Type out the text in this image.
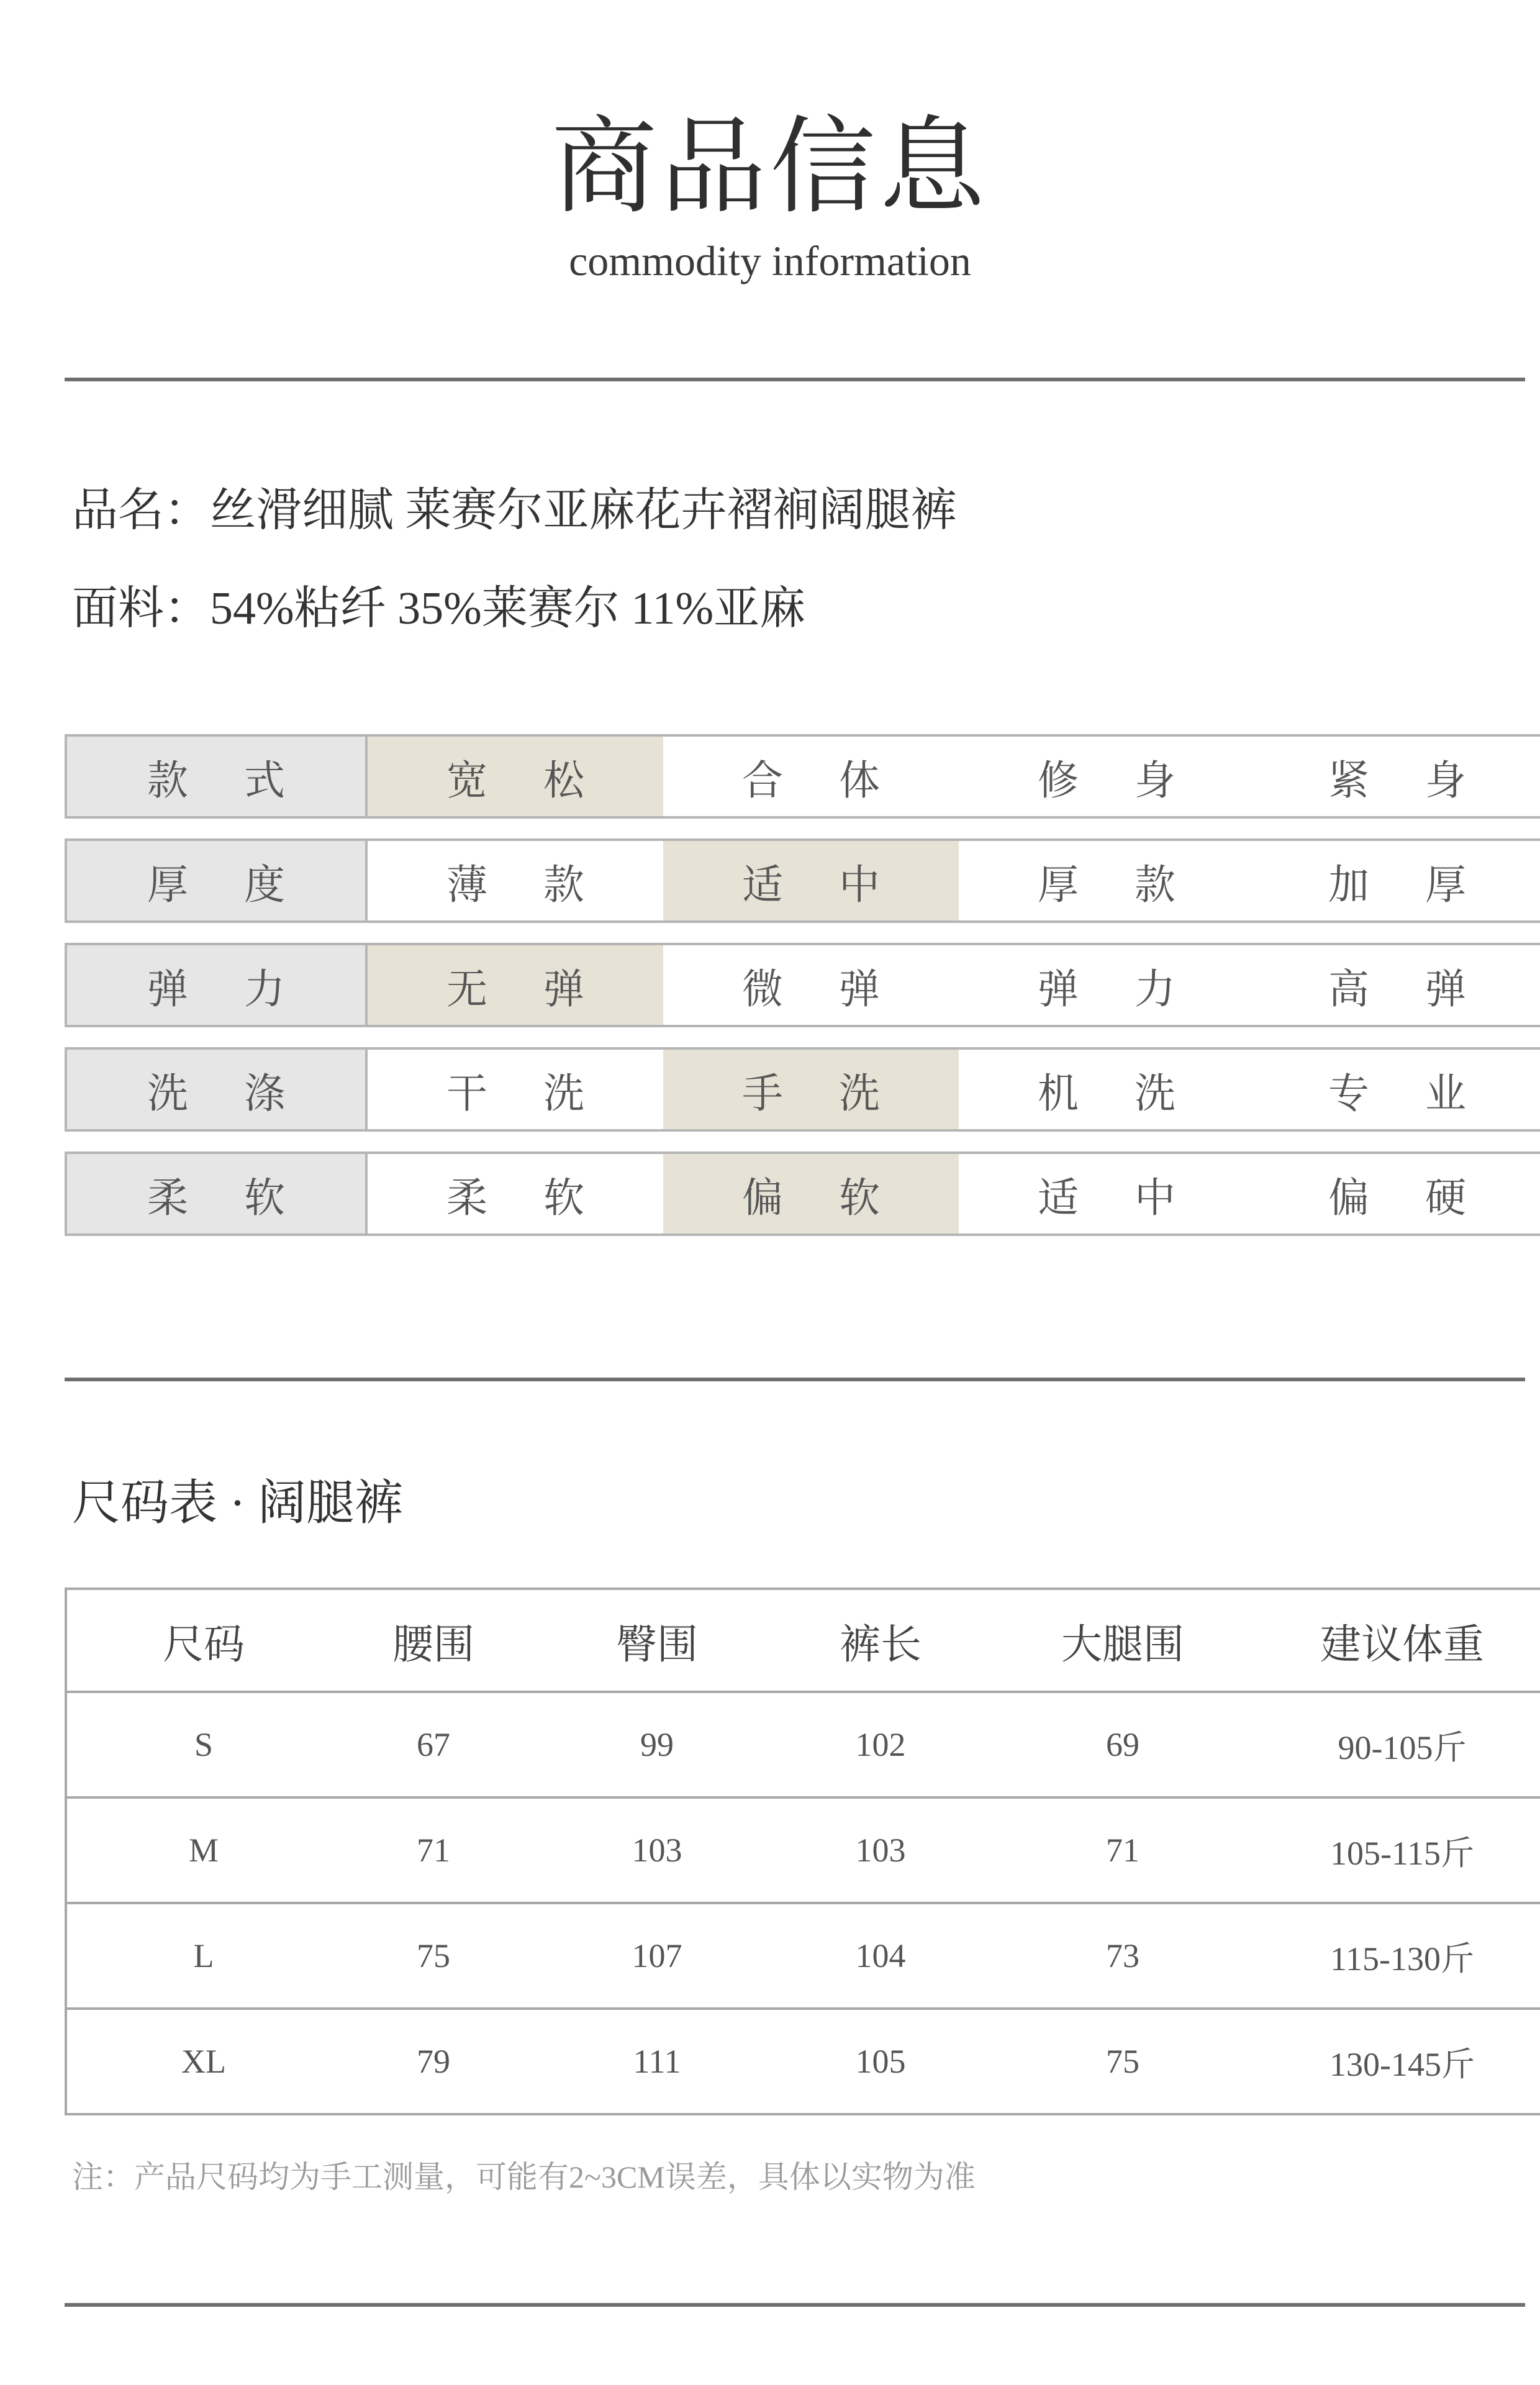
商品信息
commodity information
品名：丝滑细腻 莱赛尔亚麻花卉褶裥阔腿裤
面料：54%粘纤 35%莱赛尔 11%亚麻
款式	宽松	合体	修身	紧身
厚度	薄款	适中	厚款	加厚
弹力	无弹	微弹	弹力	高弹
洗涤	干洗	手洗	机洗	专业
柔软	柔软	偏软	适中	偏硬
尺码表 · 阔腿裤
尺码	腰围	臀围	裤长	大腿围	建议体重
S	67	99	102	69	90-105斤
M	71	103	103	71	105-115斤
L	75	107	104	73	115-130斤
XL	79	111	105	75	130-145斤
注：产品尺码均为手工测量，可能有2~3CM误差，具体以实物为准
